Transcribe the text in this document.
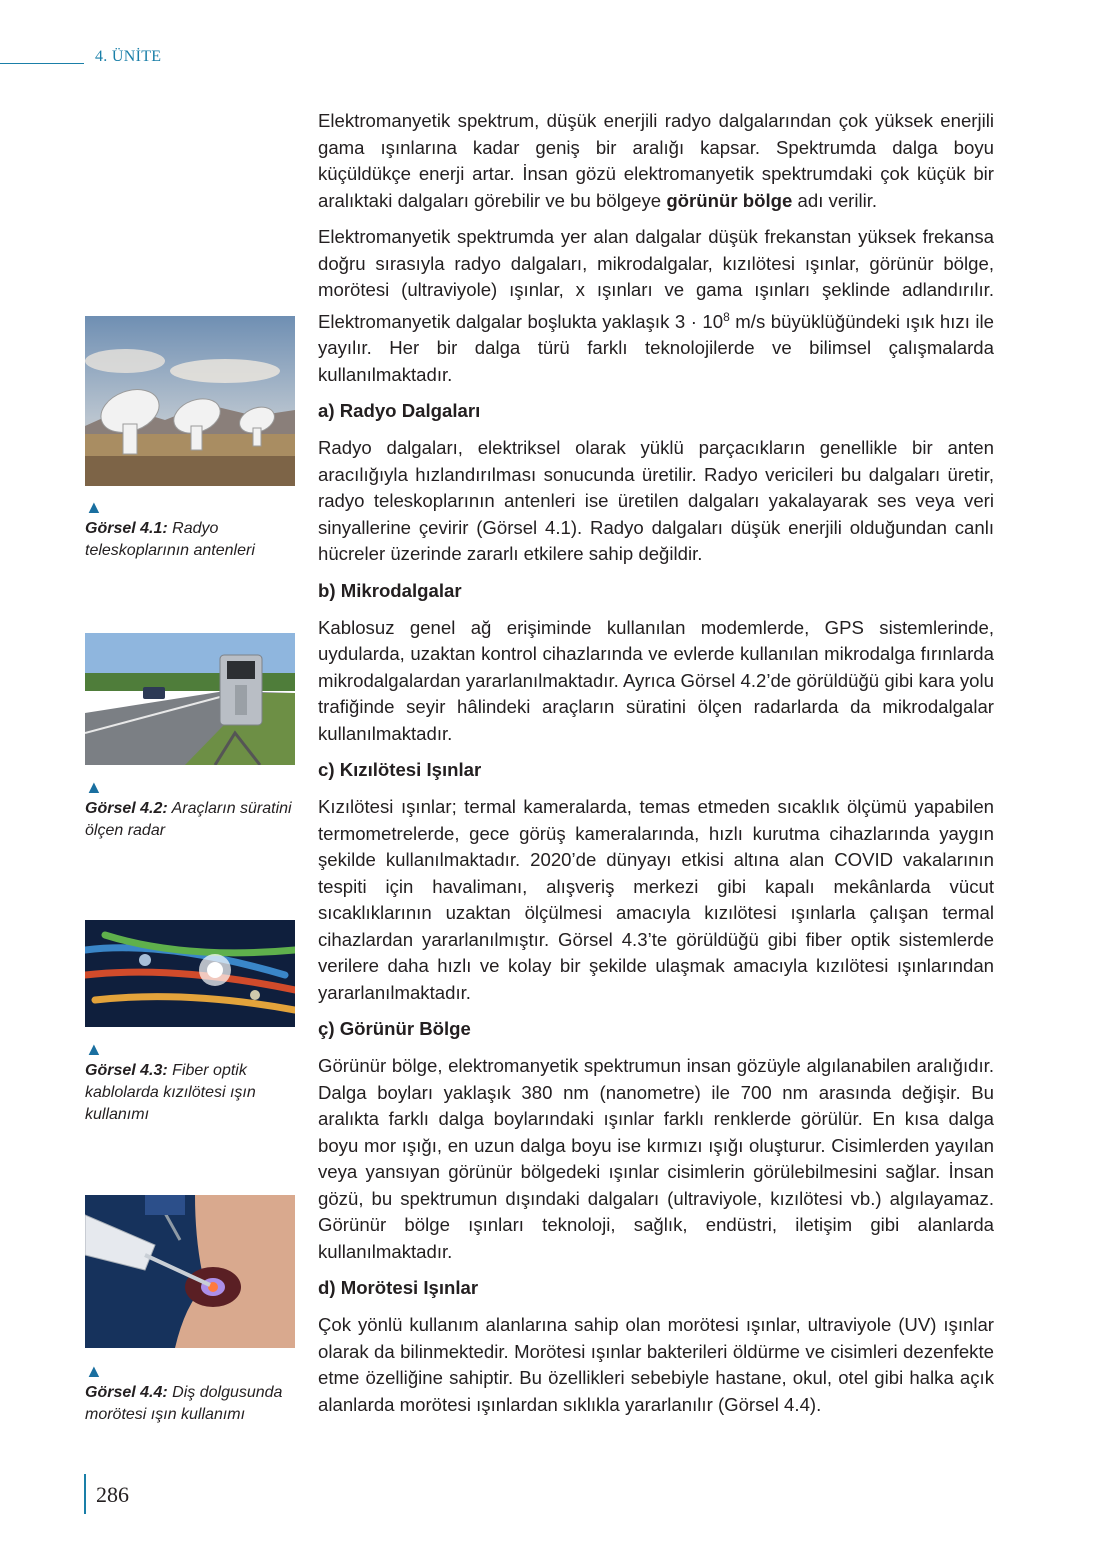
4. ÜNİTE
▲
Görsel 4.1: Radyo teleskoplarının antenleri
▲
Görsel 4.2: Araçların süratini ölçen radar
▲
Görsel 4.3: Fiber optik kablolarda kızılötesi ışın kullanımı
▲
Görsel 4.4: Diş dolgusunda morötesi ışın kullanımı

Elektromanyetik spektrum, düşük enerjili radyo dalgalarından çok yüksek enerjili gama ışınlarına kadar geniş bir aralığı kapsar. Spektrumda dalga boyu küçüldükçe enerji artar. İnsan gözü elektromanyetik spektrumdaki çok küçük bir aralıktaki dalgaları görebilir ve bu bölgeye görünür bölge adı verilir.

Elektromanyetik spektrumda yer alan dalgalar düşük frekanstan yüksek frekansa doğru sırasıyla radyo dalgaları, mikrodalgalar, kızılötesi ışınlar, görünür bölge, morötesi (ultraviyole) ışınlar, x ışınları ve gama ışınları şeklinde adlandırılır. Elektromanyetik dalgalar boşlukta yaklaşık $3 \cdot 10^8$ m/s büyüklüğündeki ışık hızı ile yayılır. Her bir dalga türü farklı teknolojilerde ve bilimsel çalışmalarda kullanılmaktadır.

a) Radyo Dalgaları

Radyo dalgaları, elektriksel olarak yüklü parçacıkların genellikle bir anten aracılığıyla hızlandırılması sonucunda üretilir. Radyo vericileri bu dalgaları üretir, radyo teleskoplarının antenleri ise üretilen dalgaları yakalayarak ses veya veri sinyallerine çevirir (Görsel 4.1). Radyo dalgaları düşük enerjili olduğundan canlı hücreler üzerinde zararlı etkilere sahip değildir.

b) Mikrodalgalar

Kablosuz genel ağ erişiminde kullanılan modemlerde, GPS sistemlerinde, uydularda, uzaktan kontrol cihazlarında ve evlerde kullanılan mikrodalga fırınlarda mikrodalgalardan yararlanılmaktadır. Ayrıca Görsel 4.2’de görüldüğü gibi kara yolu trafiğinde seyir hâlindeki araçların süratini ölçen radarlarda da mikrodalgalar kullanılmaktadır.

c) Kızılötesi Işınlar

Kızılötesi ışınlar; termal kameralarda, temas etmeden sıcaklık ölçümü yapabilen termometrelerde, gece görüş kameralarında, hızlı kurutma cihazlarında yaygın şekilde kullanılmaktadır. 2020’de dünyayı etkisi altına alan COVID vakalarının tespiti için havalimanı, alışveriş merkezi gibi kapalı mekânlarda vücut sıcaklıklarının uzaktan ölçülmesi amacıyla kızılötesi ışınlarla çalışan termal cihazlardan yararlanılmıştır. Görsel 4.3’te görüldüğü gibi fiber optik sistemlerde verilere daha hızlı ve kolay bir şekilde ulaşmak amacıyla kızılötesi ışınlarından yararlanılmaktadır.

ç) Görünür Bölge

Görünür bölge, elektromanyetik spektrumun insan gözüyle algılanabilen aralığıdır. Dalga boyları yaklaşık 380 nm (nanometre) ile 700 nm arasında değişir. Bu aralıkta farklı dalga boylarındaki ışınlar farklı renklerde görülür. En kısa dalga boyu mor ışığı, en uzun dalga boyu ise kırmızı ışığı oluşturur. Cisimlerden yayılan veya yansıyan görünür bölgedeki ışınlar cisimlerin görülebilmesini sağlar. İnsan gözü, bu spektrumun dışındaki dalgaları (ultraviyole, kızılötesi vb.) algılayamaz. Görünür bölge ışınları teknoloji, sağlık, endüstri, iletişim gibi alanlarda kullanılmaktadır.

d) Morötesi Işınlar

Çok yönlü kullanım alanlarına sahip olan morötesi ışınlar, ultraviyole (UV) ışınlar olarak da bilinmektedir. Morötesi ışınlar bakterileri öldürme ve cisimleri dezenfekte etme özelliğine sahiptir. Bu özellikleri sebebiyle hastane, okul, otel gibi halka açık alanlarda morötesi ışınlardan sıklıkla yararlanılır (Görsel 4.4).

286
